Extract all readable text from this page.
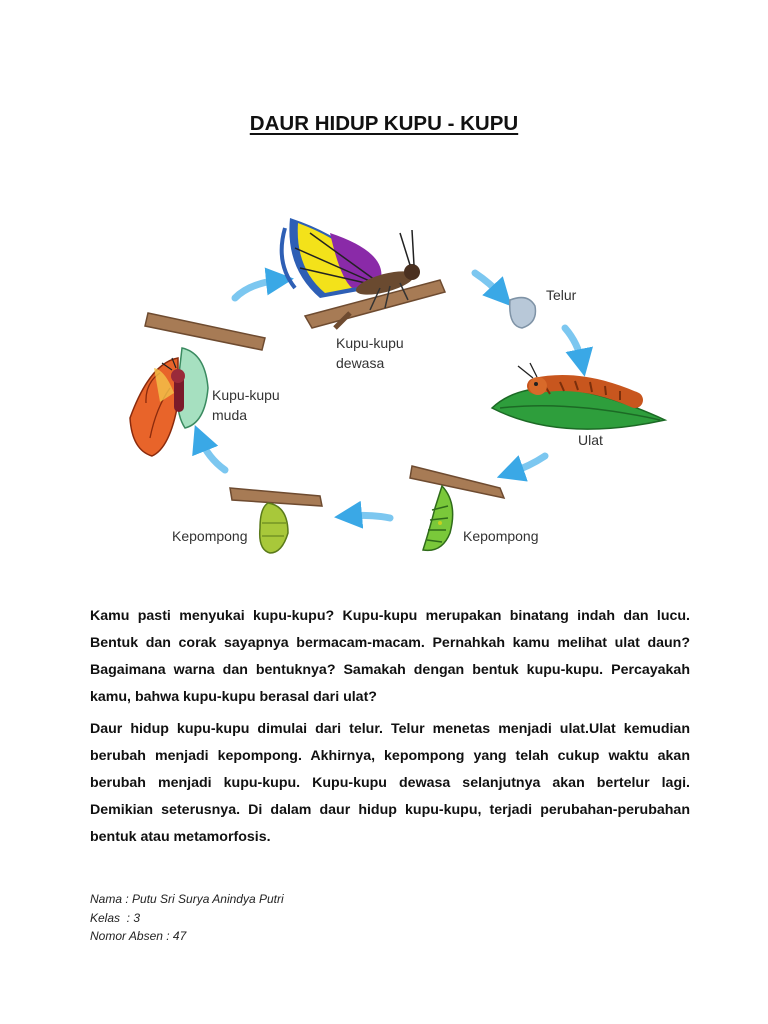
DAUR HIDUP KUPU - KUPU
Telur
Ulat
Kepompong
Kepompong
Kupu-kupu
muda
Kupu-kupu
dewasa

Kamu pasti menyukai kupu-kupu? Kupu-kupu merupakan binatang indah dan lucu. Bentuk dan corak sayapnya bermacam-macam. Pernahkah kamu melihat ulat daun? Bagaimana warna dan bentuknya? Samakah dengan bentuk kupu-kupu. Percayakah kamu, bahwa kupu-kupu berasal dari ulat?

Daur hidup kupu-kupu dimulai dari telur. Telur menetas menjadi ulat.Ulat kemudian berubah menjadi kepompong. Akhirnya, kepompong yang telah cukup waktu akan berubah menjadi kupu-kupu. Kupu-kupu dewasa selanjutnya akan bertelur lagi. Demikian seterusnya. Di dalam daur hidup kupu-kupu, terjadi perubahan-perubahan bentuk atau metamorfosis.

Nama : Putu Sri Surya Anindya Putri
Kelas  : 3
Nomor Absen : 47
